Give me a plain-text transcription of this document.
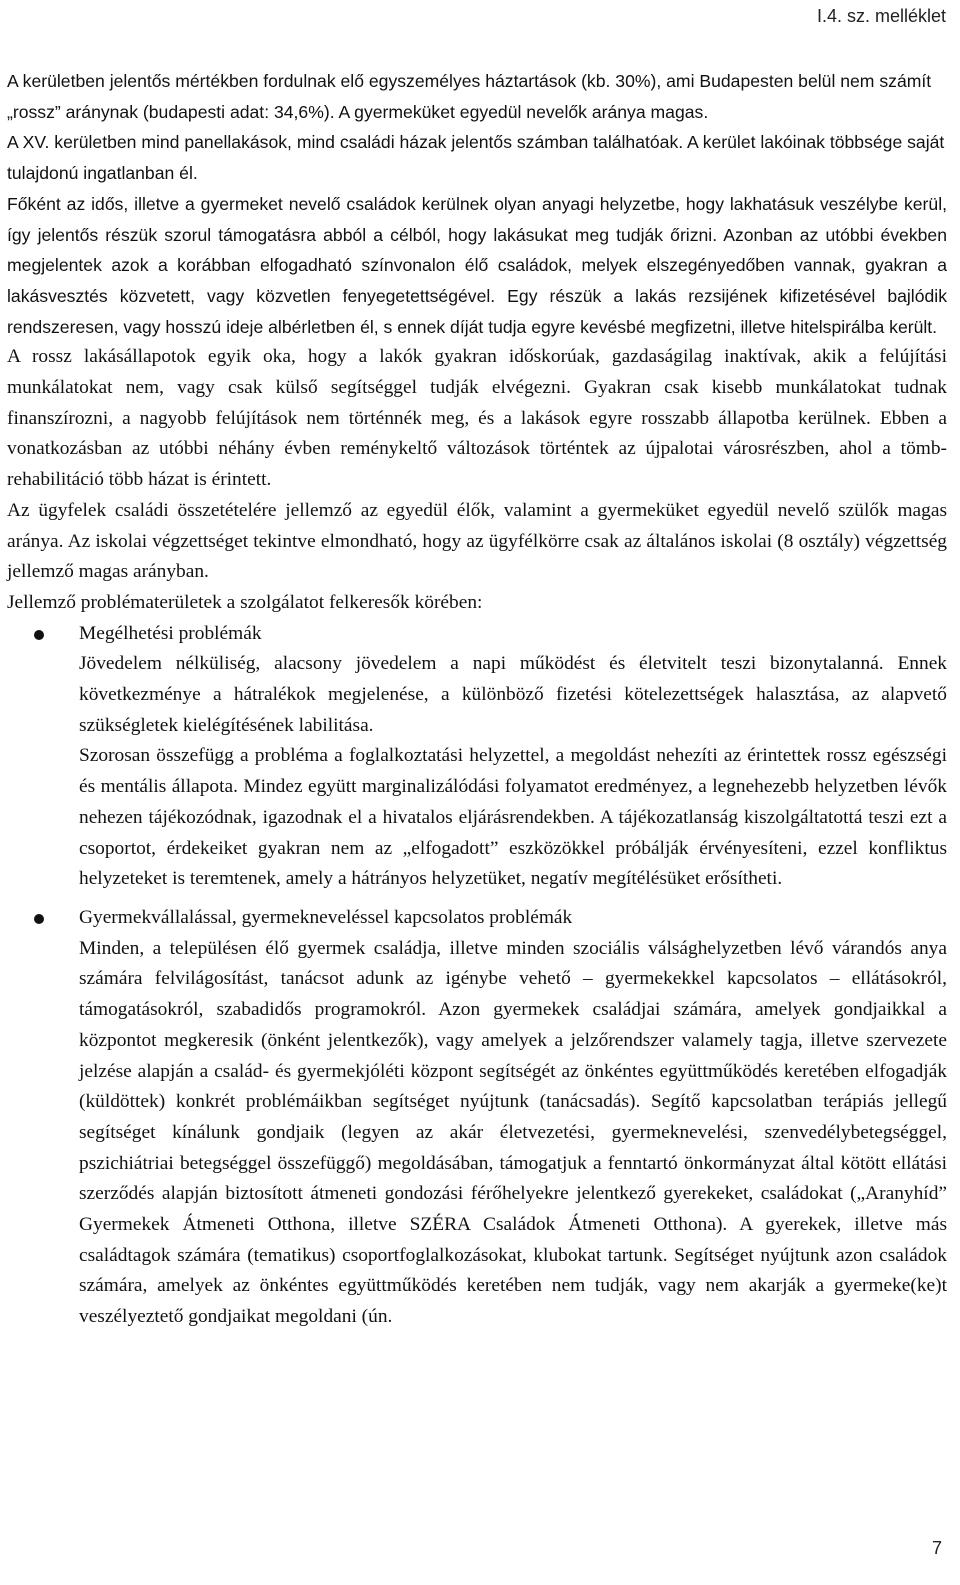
I.4. sz. melléklet

A kerületben jelentős mértékben fordulnak elő egyszemélyes háztartások (kb. 30%), ami Budapesten belül nem számít „rossz” aránynak (budapesti adat: 34,6%). A gyermeküket egyedül nevelők aránya magas.

A XV. kerületben mind panellakások, mind családi házak jelentős számban találhatóak. A kerület lakóinak többsége saját tulajdonú ingatlanban él.

Főként az idős, illetve a gyermeket nevelő családok kerülnek olyan anyagi helyzetbe, hogy lakhatásuk veszélybe kerül, így jelentős részük szorul támogatásra abból a célból, hogy lakásukat meg tudják őrizni. Azonban az utóbbi években megjelentek azok a korábban elfogadható színvonalon élő családok, melyek elszegényedőben vannak, gyakran a lakásvesztés közvetett, vagy közvetlen fenyegetettségével. Egy részük a lakás rezsijének kifizetésével bajlódik rendszeresen, vagy hosszú ideje albérletben él, s ennek díját tudja egyre kevésbé megfizetni, illetve hitelspirálba került.

A rossz lakásállapotok egyik oka, hogy a lakók gyakran időskorúak, gazdaságilag inaktívak, akik a felújítási munkálatokat nem, vagy csak külső segítséggel tudják elvégezni. Gyakran csak kisebb munkálatokat tudnak finanszírozni, a nagyobb felújítások nem történnék meg, és a lakások egyre rosszabb állapotba kerülnek. Ebben a vonatkozásban az utóbbi néhány évben reménykeltő változások történtek az újpalotai városrészben, ahol a tömb-rehabilitáció több házat is érintett.

Az ügyfelek családi összetételére jellemző az egyedül élők, valamint a gyermeküket egyedül nevelő szülők magas aránya. Az iskolai végzettséget tekintve elmondható, hogy az ügyfélkörre csak az általános iskolai (8 osztály) végzettség jellemző magas arányban.

Jellemző problématerületek a szolgálatot felkeresők körében:

Megélhetési problémák

Jövedelem nélküliség, alacsony jövedelem a napi működést és életvitelt teszi bizonytalanná. Ennek következménye a hátralékok megjelenése, a különböző fizetési kötelezettségek halasztása, az alapvető szükségletek kielégítésének labilitása.

Szorosan összefügg a probléma a foglalkoztatási helyzettel, a megoldást nehezíti az érintettek rossz egészségi és mentális állapota. Mindez együtt marginalizálódási folyamatot eredményez, a legnehezebb helyzetben lévők nehezen tájékozódnak, igazodnak el a hivatalos eljárásrendekben. A tájékozatlanság kiszolgáltatottá teszi ezt a csoportot, érdekeiket gyakran nem az „elfogadott” eszközökkel próbálják érvényesíteni, ezzel konfliktus helyzeteket is teremtenek, amely a hátrányos helyzetüket, negatív megítélésüket erősítheti.

Gyermekvállalással, gyermekneveléssel kapcsolatos problémák

Minden, a településen élő gyermek családja, illetve minden szociális válsághelyzetben lévő várandós anya számára felvilágosítást, tanácsot adunk az igénybe vehető – gyermekekkel kapcsolatos – ellátásokról, támogatásokról, szabadidős programokról. Azon gyermekek családjai számára, amelyek gondjaikkal a központot megkeresik (önként jelentkezők), vagy amelyek a jelzőrendszer valamely tagja, illetve szervezete jelzése alapján a család- és gyermekjóléti központ segítségét az önkéntes együttműködés keretében elfogadják (küldöttek) konkrét problémáikban segítséget nyújtunk (tanácsadás). Segítő kapcsolatban terápiás jellegű segítséget kínálunk gondjaik (legyen az akár életvezetési, gyermeknevelési, szenvedélybetegséggel, pszichiátriai betegséggel összefüggő) megoldásában, támogatjuk a fenntartó önkormányzat által kötött ellátási szerződés alapján biztosított átmeneti gondozási férőhelyekre jelentkező gyerekeket, családokat („Aranyhíd” Gyermekek Átmeneti Otthona, illetve SZÉRA Családok Átmeneti Otthona). A gyerekek, illetve más családtagok számára (tematikus) csoportfoglalkozásokat, klubokat tartunk. Segítséget nyújtunk azon családok számára, amelyek az önkéntes együttműködés keretében nem tudják, vagy nem akarják a gyermeke(ke)t veszélyeztető gondjaikat megoldani (ún.

7
